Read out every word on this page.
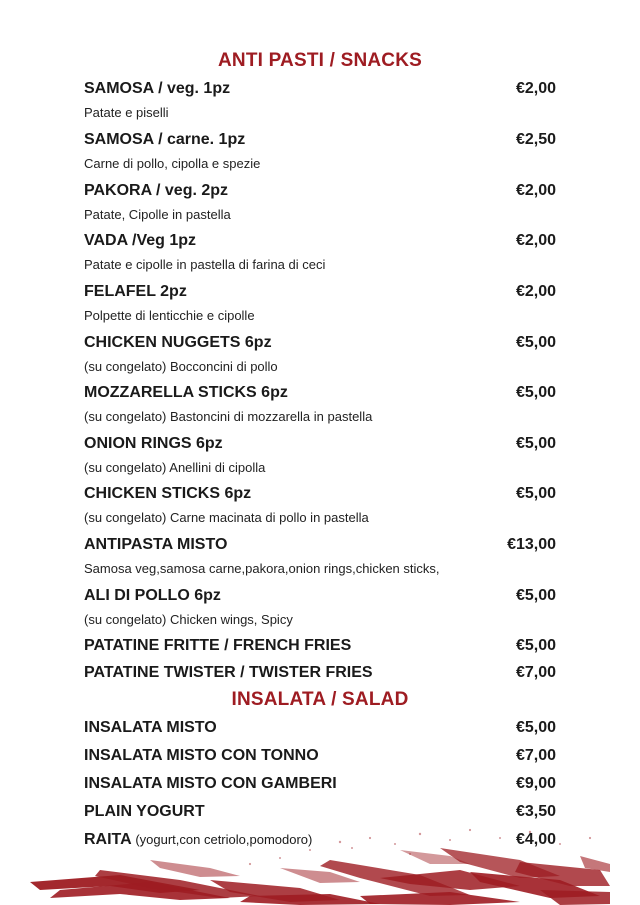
ANTI PASTI / SNACKS
SAMOSA / veg. 1pz	€2,00
Patate e piselli
SAMOSA / carne. 1pz	€2,50
Carne di pollo, cipolla e spezie
PAKORA / veg. 2pz	€2,00
Patate, Cipolle in pastella
VADA /Veg 1pz	€2,00
Patate e cipolle in pastella di farina di ceci
FELAFEL 2pz	€2,00
Polpette di lenticchie e cipolle
CHICKEN NUGGETS 6pz	€5,00
(su congelato) Bocconcini di pollo
MOZZARELLA STICKS 6pz	€5,00
(su congelato) Bastoncini di mozzarella in pastella
ONION RINGS 6pz	€5,00
(su congelato) Anellini di cipolla
CHICKEN STICKS 6pz	€5,00
(su congelato) Carne macinata di pollo in pastella
ANTIPASTA MISTO	€13,00
Samosa veg,samosa carne,pakora,onion rings,chicken sticks,
ALI DI POLLO 6pz	€5,00
(su congelato) Chicken wings, Spicy
PATATINE FRITTE / FRENCH FRIES	€5,00
PATATINE TWISTER / TWISTER FRIES	€7,00
INSALATA / SALAD
INSALATA MISTO	€5,00
INSALATA MISTO CON TONNO	€7,00
INSALATA MISTO CON GAMBERI	€9,00
PLAIN YOGURT	€3,50
RAITA (yogurt,con cetriolo,pomodoro)	€4,00
